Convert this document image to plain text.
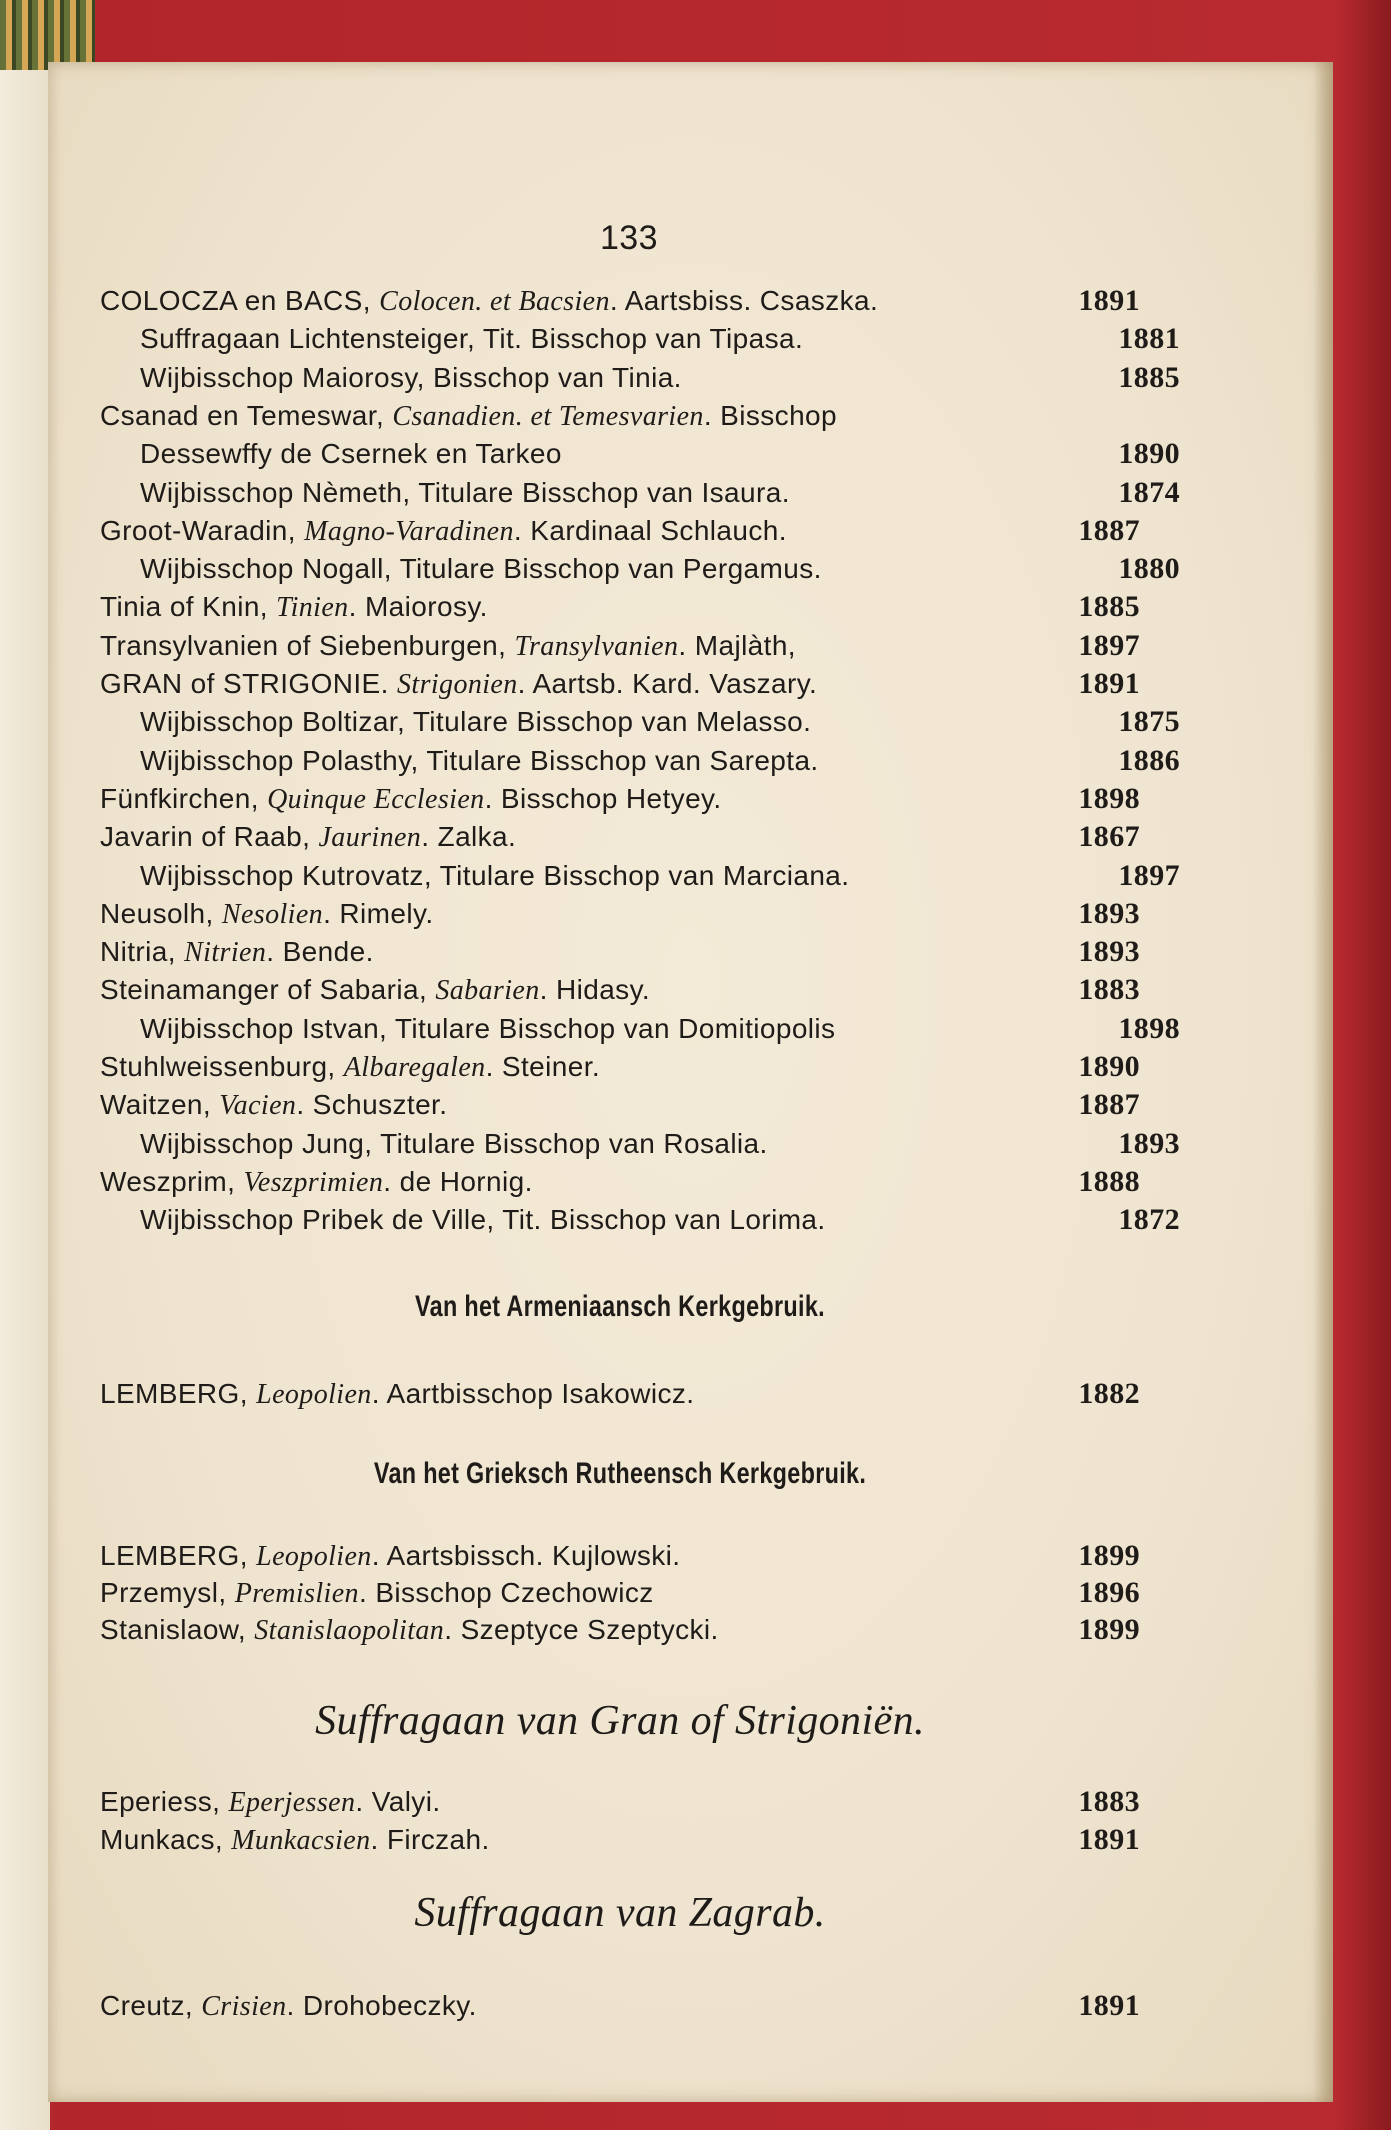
133
COLOCZA en BACS, Colocen. et Bacsien. Aartsbiss. Csaszka.	1891
Suffragaan Lichtensteiger, Tit. Bisschop van Tipasa.	1881
Wijbisschop Maiorosy, Bisschop van Tinia.	1885
Csanad en Temeswar, Csanadien. et Temesvarien. Bisschop
Dessewffy de Csernek en Tarkeo	1890
Wijbisschop Nèmeth, Titulare Bisschop van Isaura.	1874
Groot-Waradin, Magno-Varadinen. Kardinaal Schlauch.	1887
Wijbisschop Nogall, Titulare Bisschop van Pergamus.	1880
Tinia of Knin, Tinien. Maiorosy.	1885
Transylvanien of Siebenburgen, Transylvanien. Majlàth,	1897
GRAN of STRIGONIE. Strigonien. Aartsb. Kard. Vaszary.	1891
Wijbisschop Boltizar, Titulare Bisschop van Melasso.	1875
Wijbisschop Polasthy, Titulare Bisschop van Sarepta.	1886
Fünfkirchen, Quinque Ecclesien. Bisschop Hetyey.	1898
Javarin of Raab, Jaurinen. Zalka.	1867
Wijbisschop Kutrovatz, Titulare Bisschop van Marciana.	1897
Neusolh, Nesolien. Rimely.	1893
Nitria, Nitrien. Bende.	1893
Steinamanger of Sabaria, Sabarien. Hidasy.	1883
Wijbisschop Istvan, Titulare Bisschop van Domitiopolis	1898
Stuhlweissenburg, Albaregalen. Steiner.	1890
Waitzen, Vacien. Schuszter.	1887
Wijbisschop Jung, Titulare Bisschop van Rosalia.	1893
Weszprim, Veszprimien. de Hornig.	1888
Wijbisschop Pribek de Ville, Tit. Bisschop van Lorima.	1872
Van het Armeniaansch Kerkgebruik.
LEMBERG, Leopolien. Aartbisschop Isakowicz.	1882
Van het Grieksch Rutheensch Kerkgebruik.
LEMBERG, Leopolien. Aartsbissch. Kujlowski.	1899
Przemysl, Premislien. Bisschop Czechowicz	1896
Stanislaow, Stanislaopolitan. Szeptyce Szeptycki.	1899
Suffragaan van Gran of Strigoniën.
Eperiess, Eperjessen. Valyi.	1883
Munkacs, Munkacsien. Firczah.	1891
Suffragaan van Zagrab.
Creutz, Crisien. Drohobeczky.	1891
